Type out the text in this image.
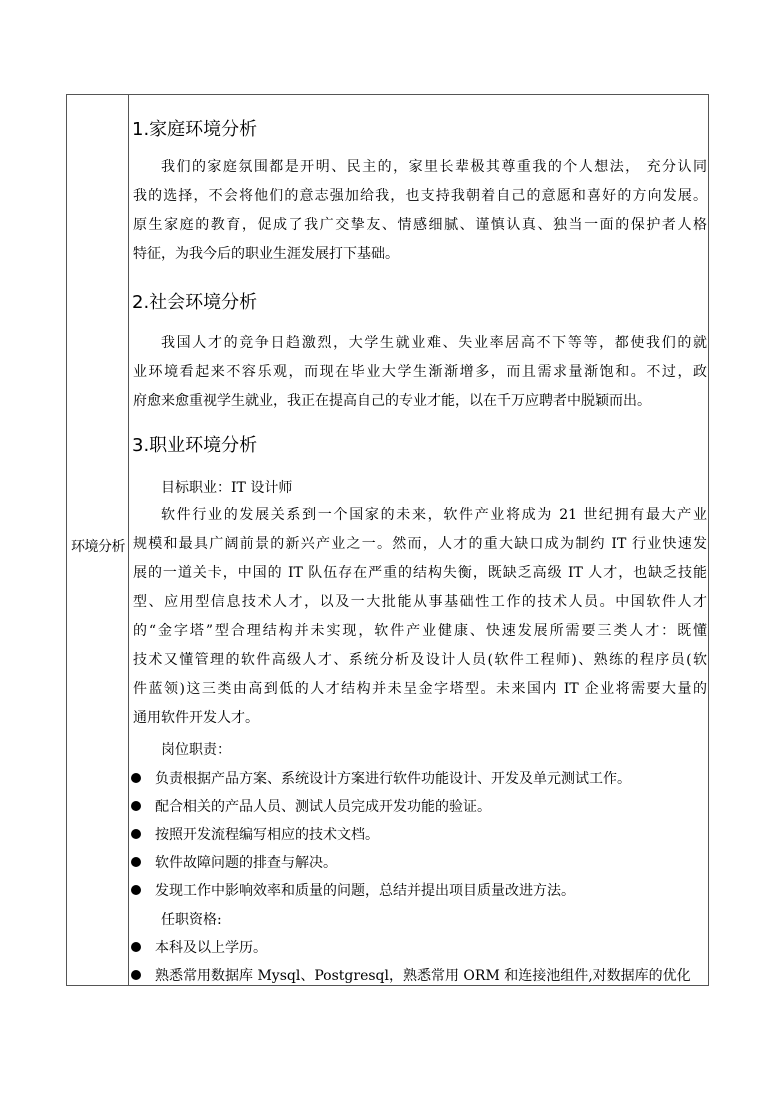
环境分析
1.家庭环境分析
我们的家庭氛围都是开明、民主的，家里长辈极其尊重我的个人想法， 充分认同
我的选择，不会将他们的意志强加给我，也支持我朝着自己的意愿和喜好的方向发展。
原生家庭的教育，促成了我广交挚友、情感细腻、谨慎认真、独当一面的保护者人格
特征，为我今后的职业生涯发展打下基础。
2.社会环境分析
我国人才的竞争日趋激烈，大学生就业难、失业率居高不下等等，都使我们的就
业环境看起来不容乐观，而现在毕业大学生渐渐增多，而且需求量渐饱和。不过，政
府愈来愈重视学生就业，我正在提高自己的专业才能，以在千万应聘者中脱颖而出。
3.职业环境分析
目标职业：IT 设计师
软件行业的发展关系到一个国家的未来，软件产业将成为 21 世纪拥有最大产业
规模和最具广阔前景的新兴产业之一。然而，人才的重大缺口成为制约 IT 行业快速发
展的一道关卡，中国的 IT 队伍存在严重的结构失衡，既缺乏高级 IT 人才，也缺乏技能
型、应用型信息技术人才，以及一大批能从事基础性工作的技术人员。中国软件人才
的“金字塔”型合理结构并未实现，软件产业健康、快速发展所需要三类人才：既懂
技术又懂管理的软件高级人才、系统分析及设计人员(软件工程师)、熟练的程序员(软
件蓝领)这三类由高到低的人才结构并未呈金字塔型。未来国内 IT 企业将需要大量的
通用软件开发人才。
岗位职责：
负责根据产品方案、系统设计方案进行软件功能设计、开发及单元测试工作。
配合相关的产品人员、测试人员完成开发功能的验证。
按照开发流程编写相应的技术文档。
软件故障问题的排查与解决。
发现工作中影响效率和质量的问题，总结并提出项目质量改进方法。
任职资格:
本科及以上学历。
熟悉常用数据库 Mysql、Postgresql，熟悉常用 ORM 和连接池组件,对数据库的优化
